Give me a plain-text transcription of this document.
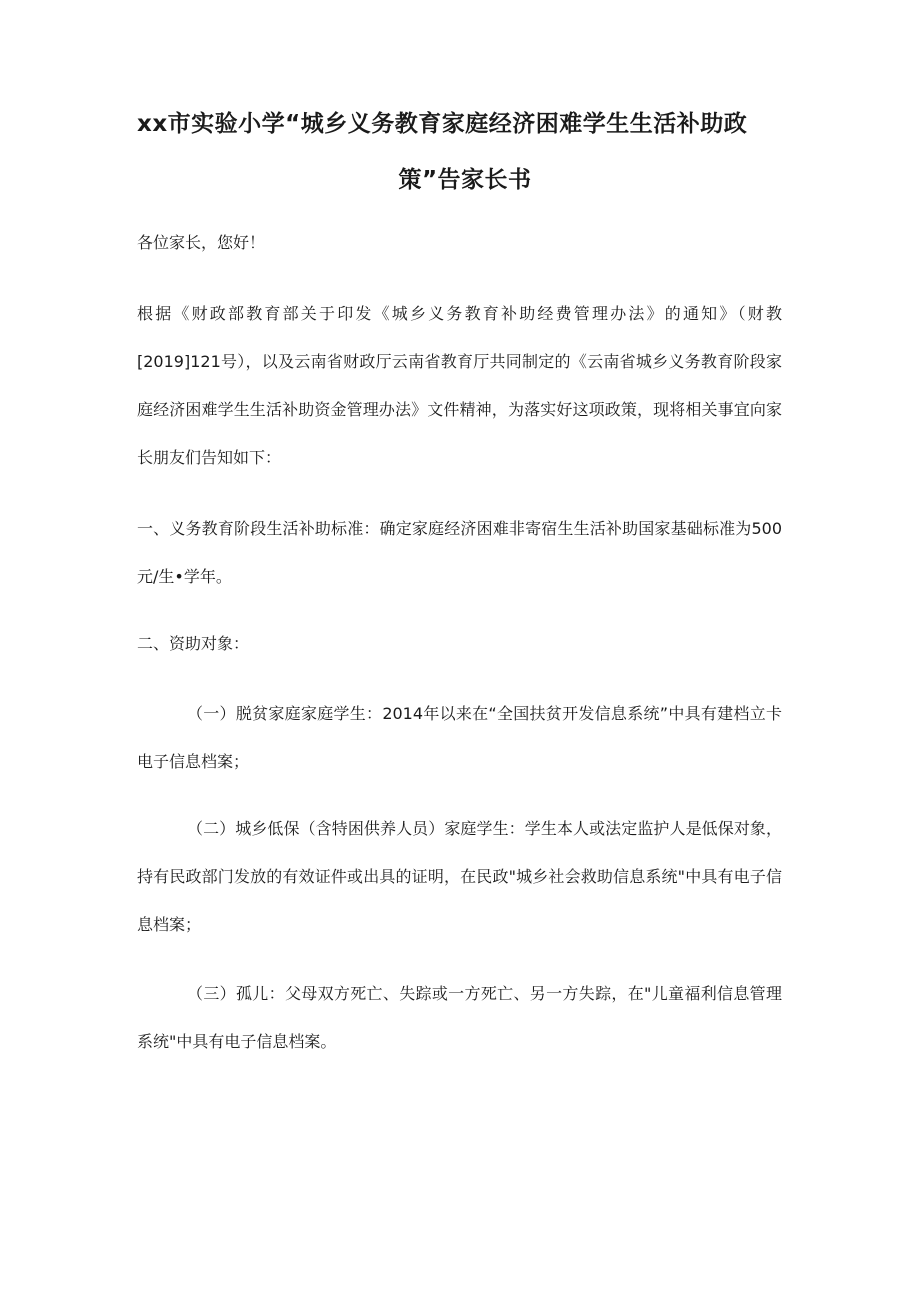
xx市实验小学“城乡义务教育家庭经济困难学生生活补助政
策”告家长书

各位家长，您好！

根据《财政部教育部关于印发《城乡义务教育补助经费管理办法》的通知》（财教[2019]121号），以及云南省财政厅云南省教育厅共同制定的《云南省城乡义务教育阶段家庭经济困难学生生活补助资金管理办法》文件精神，为落实好这项政策，现将相关事宜向家长朋友们告知如下：

一、义务教育阶段生活补助标准：确定家庭经济困难非寄宿生生活补助国家基础标准为500元/生•学年。

二、资助对象：

（一）脱贫家庭家庭学生：2014年以来在“全国扶贫开发信息系统”中具有建档立卡电子信息档案；

（二）城乡低保（含特困供养人员）家庭学生：学生本人或法定监护人是低保对象，持有民政部门发放的有效证件或出具的证明，在民政"城乡社会救助信息系统"中具有电子信息档案；

（三）孤儿：父母双方死亡、失踪或一方死亡、另一方失踪，在"儿童福利信息管理系统"中具有电子信息档案。
